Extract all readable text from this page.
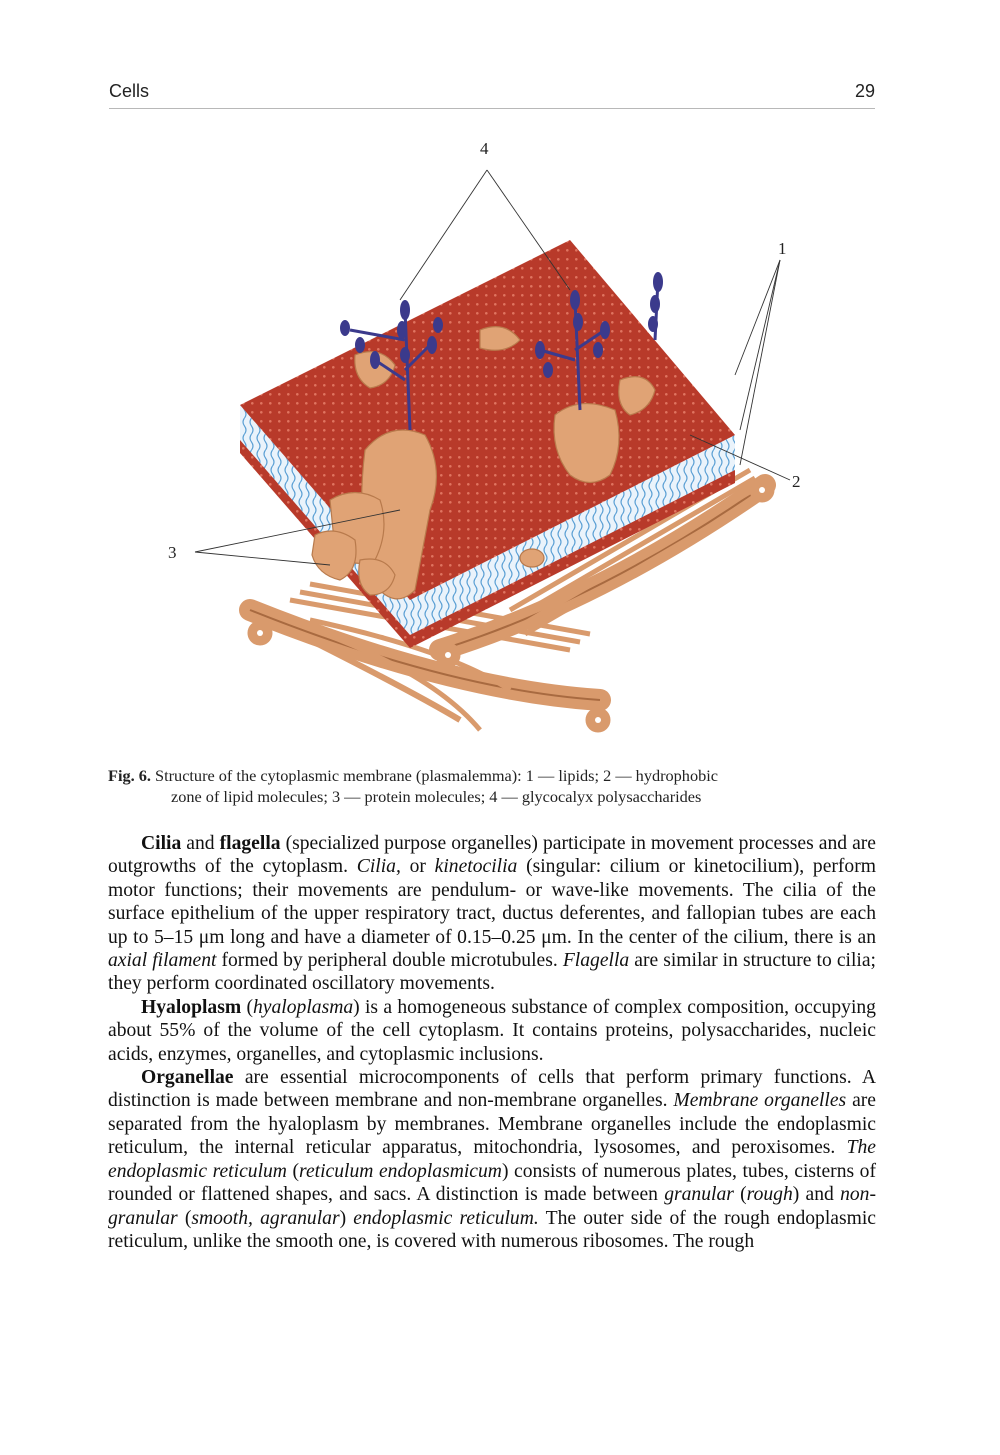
Cells	29
4
1
2
3
Fig. 6. Structure of the cytoplasmic membrane (plasmalemma): 1 — lipids; 2 — hydrophobic
zone of lipid molecules; 3 — protein molecules; 4 — glycocalyx polysaccharides

Cilia and flagella (specialized purpose organelles) participate in movement processes and are outgrowths of the cytoplasm. Cilia, or kinetocilia (singular: cilium or kinetocilium), perform motor functions; their movements are pendulum- or wave-like movements. The cilia of the surface epithelium of the upper respiratory tract, ductus deferentes, and fallopian tubes are each up to 5–15 μm long and have a diameter of 0.15–0.25 μm. In the center of the cilium, there is an axial filament formed by peripheral double microtubules. Flagella are similar in structure to cilia; they perform coordinated oscillatory movements.

Hyaloplasm (hyaloplasma) is a homogeneous substance of complex composition, occupying about 55% of the volume of the cell cytoplasm. It contains proteins, polysaccharides, nucleic acids, enzymes, organelles, and cytoplasmic inclusions.

Organellae are essential microcomponents of cells that perform primary functions. A distinction is made between membrane and non-membrane organelles. Membrane organelles are separated from the hyaloplasm by membranes. Membrane organelles include the endoplasmic reticulum, the internal reticular apparatus, mitochondria, lysosomes, and peroxisomes. The endoplasmic reticulum (reticulum endoplasmicum) consists of numerous plates, tubes, cisterns of rounded or flattened shapes, and sacs. A distinction is made between granular (rough) and non-granular (smooth, agranular) endoplasmic reticulum. The outer side of the rough endoplasmic reticulum, unlike the smooth one, is covered with numerous ribosomes. The rough
